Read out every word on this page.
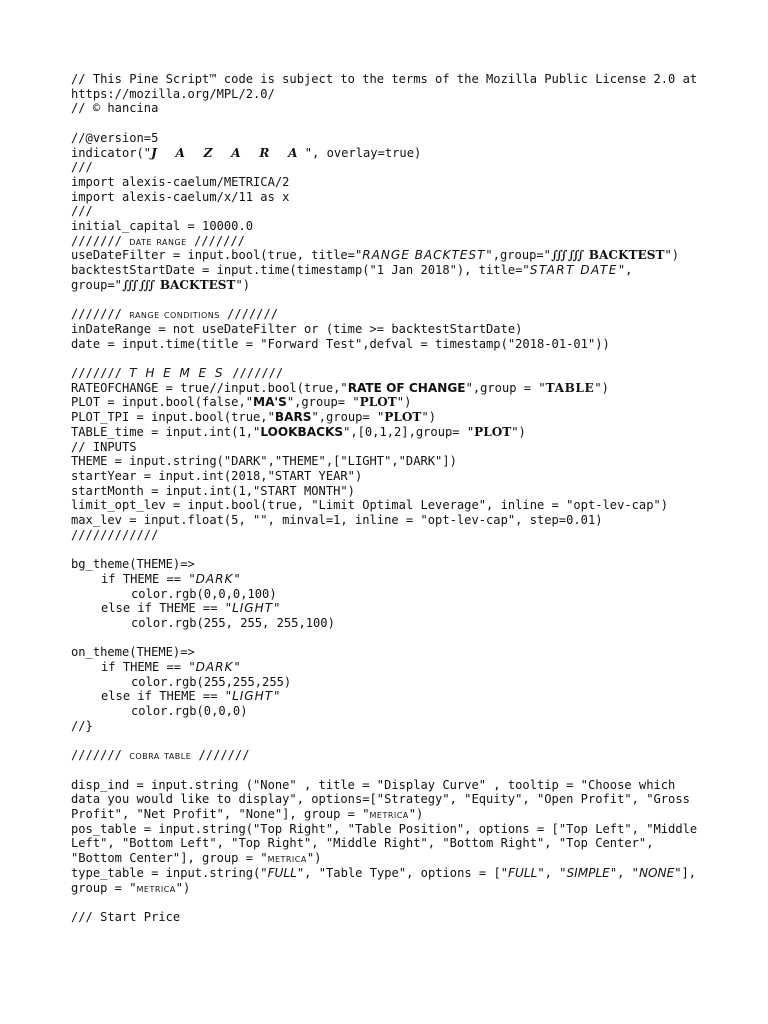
// This Pine Script™ code is subject to the terms of the Mozilla Public License 2.0 at https://mozilla.org/MPL/2.0/
// © hancina
//@version=5
indicator("J A Z A R A", overlay=true)
///
import alexis-caelum/METRICA/2
import alexis-caelum/x/11 as x
///
initial_capital = 10000.0
/////// date range ///////
useDateFilter = input.bool(true, title="RANGE BACKTEST",group="∭∭ BACKTEST")
backtestStartDate = input.time(timestamp("1 Jan 2018"), title="START DATE", group="∭∭ BACKTEST")
/////// range conditions ///////
inDateRange = not useDateFilter or (time >= backtestStartDate)
date = input.time(title = "Forward Test",defval = timestamp("2018-01-01"))
/////// T H E M E S ///////
RATEOFCHANGE = true//input.bool(true,"RATE OF CHANGE",group = "TABLE")
PLOT = input.bool(false,"MA'S",group= "PLOT")
PLOT_TPI = input.bool(true,"BARS",group= "PLOT")
TABLE_time = input.int(1,"LOOKBACKS",[0,1,2],group= "PLOT")
// INPUTS
THEME = input.string("DARK","THEME",["LIGHT","DARK"])
startYear = input.int(2018,"START YEAR")
startMonth = input.int(1,"START MONTH")
limit_opt_lev = input.bool(true, "Limit Optimal Leverage", inline = "opt-lev-cap")
max_lev = input.float(5, "", minval=1, inline = "opt-lev-cap", step=0.01)
////////////
bg_theme(THEME)=>
if THEME == "DARK"
color.rgb(0,0,0,100)
else if THEME == "LIGHT"
color.rgb(255, 255, 255,100)
on_theme(THEME)=>
if THEME == "DARK"
color.rgb(255,255,255)
else if THEME == "LIGHT"
color.rgb(0,0,0)
//}
/////// cobra table ///////
disp_ind = input.string ("None" , title = "Display Curve" , tooltip = "Choose which data you would like to display", options=["Strategy", "Equity", "Open Profit", "Gross Profit", "Net Profit", "None"], group = "metrica")
pos_table = input.string("Top Right", "Table Position", options = ["Top Left", "Middle Left", "Bottom Left", "Top Right", "Middle Right", "Bottom Right", "Top Center", "Bottom Center"], group = "metrica")
type_table = input.string("FULL", "Table Type", options = ["FULL", "SIMPLE", "NONE"], group = "metrica")
/// Start Price
